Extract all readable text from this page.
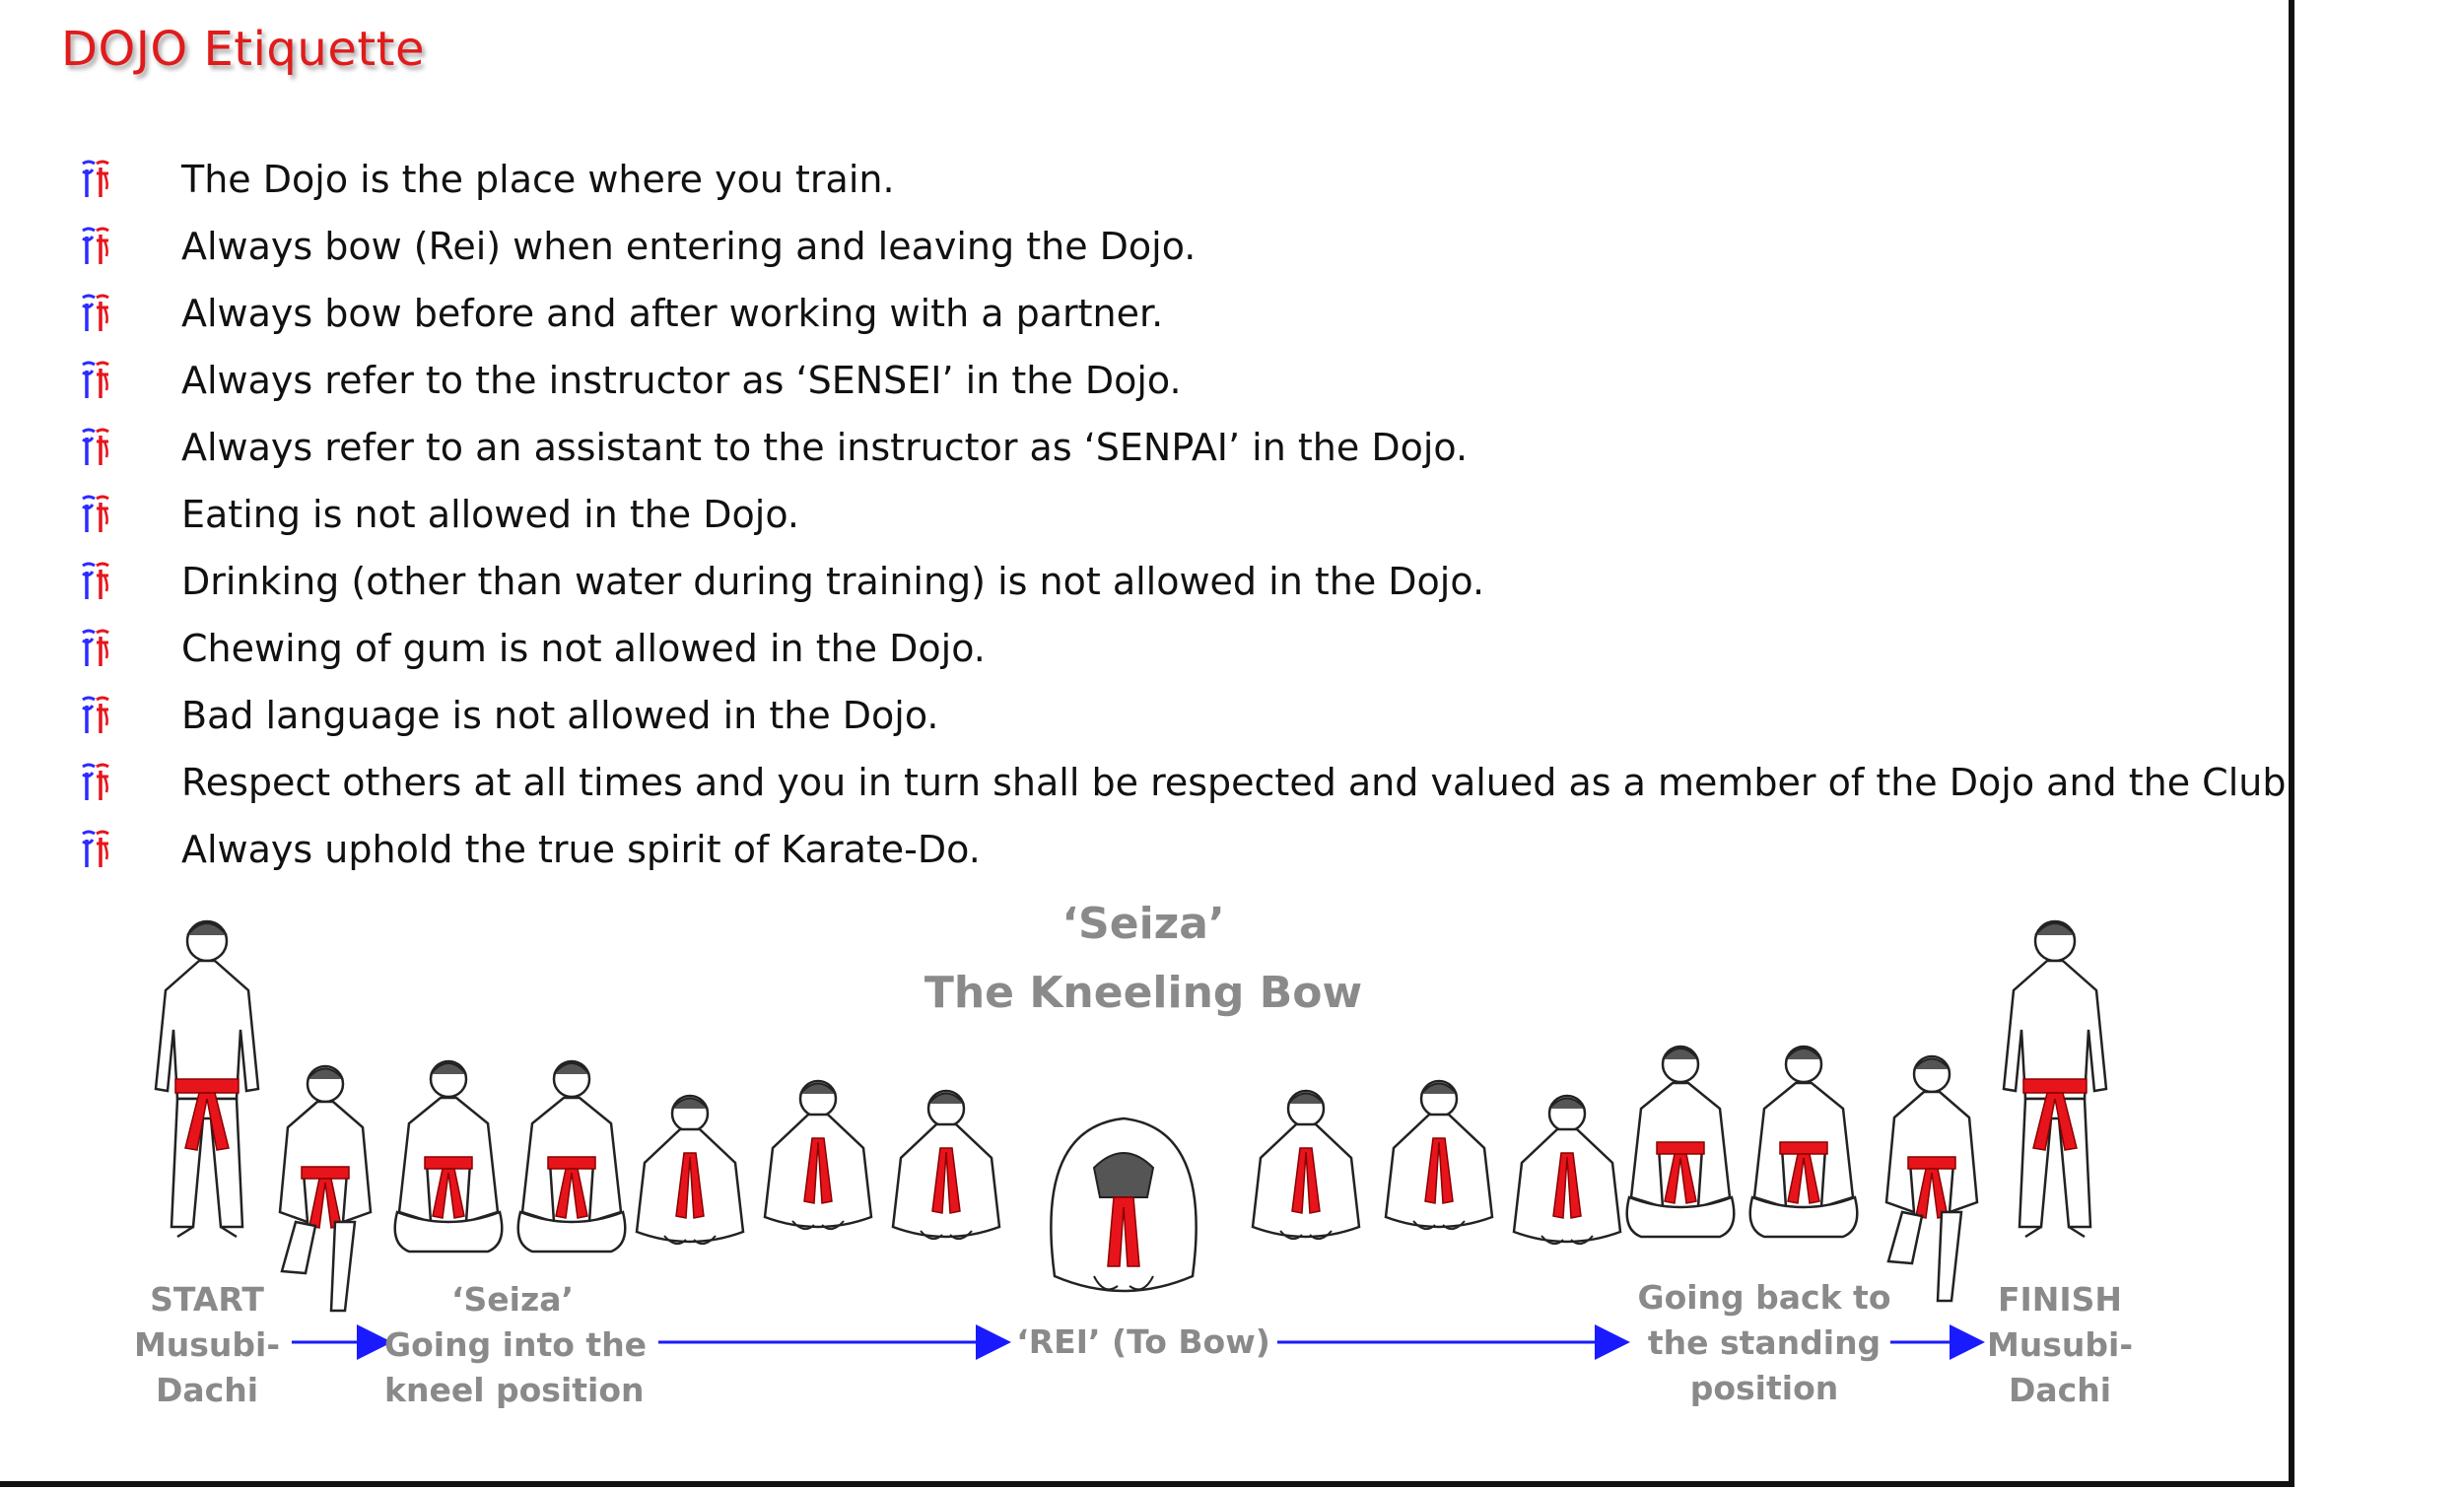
DOJO Etiquette
The Dojo is the place where you train.
Always bow (Rei) when entering and leaving the Dojo.
Always bow before and after working with a partner.
Always refer to the instructor as ‘SENSEI’ in the Dojo.
Always refer to an assistant to the instructor as ‘SENPAI’ in the Dojo.
Eating is not allowed in the Dojo.
Drinking (other than water during training) is not allowed in the Dojo.
Chewing of gum is not allowed in the Dojo.
Bad language is not allowed in the Dojo.
Respect others at all times and you in turn shall be respected and valued as a member of the Dojo and the Club.
Always uphold the true spirit of Karate-Do.
‘Seiza’
The Kneeling Bow
START
Musubi-
Dachi
‘Seiza’
Going into the
kneel position
‘REI’ (To Bow)
Going back to
the standing
position
FINISH
Musubi-
Dachi
